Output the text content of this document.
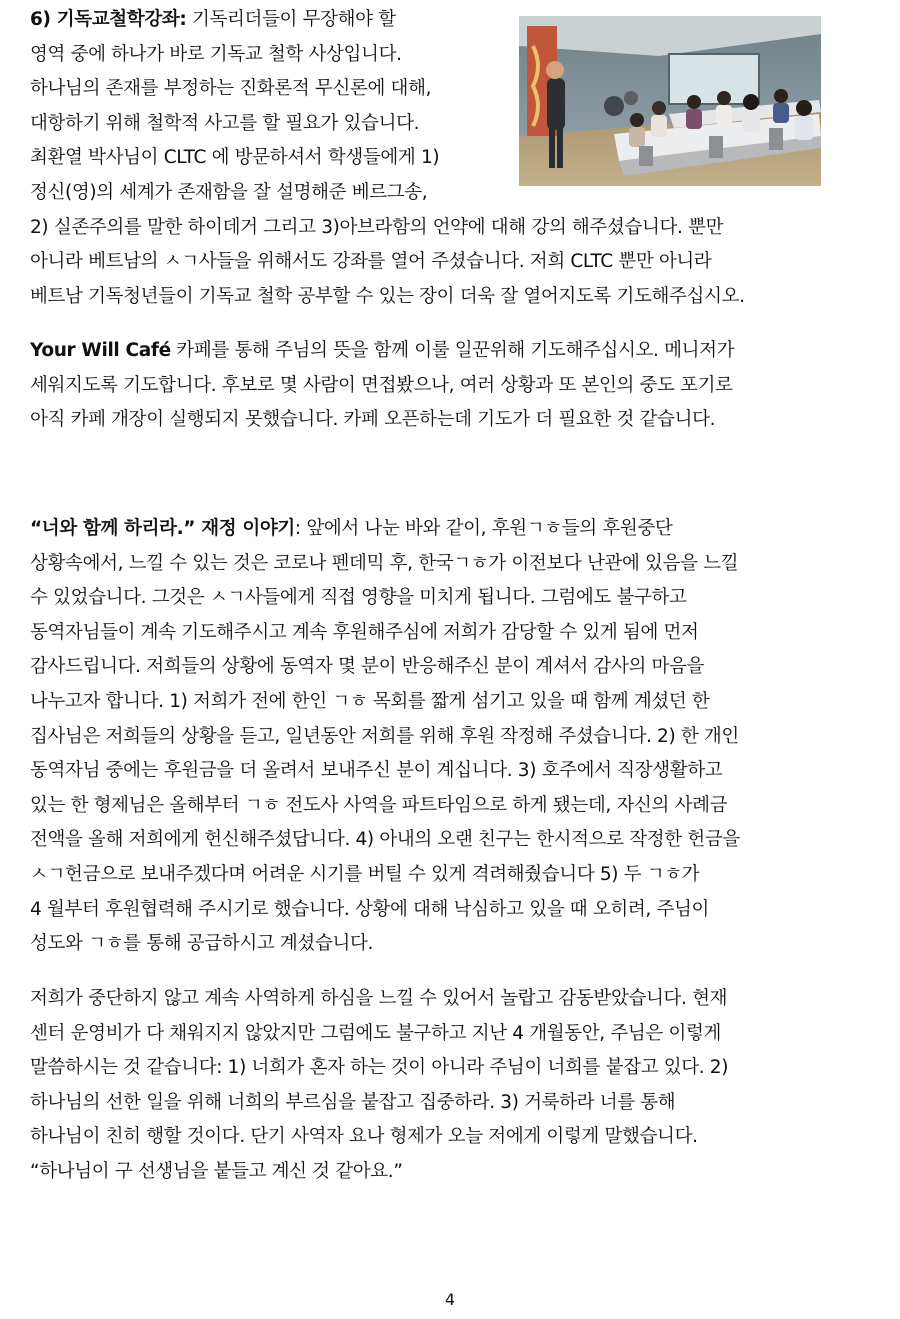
6) 기독교철학강좌: 기독리더들이 무장해야 할
영역 중에 하나가 바로 기독교 철학 사상입니다.
하나님의 존재를 부정하는 진화론적 무신론에 대해,
대항하기 위해 철학적 사고를 할 필요가 있습니다.
최환열 박사님이 CLTC 에 방문하셔서 학생들에게 1)
정신(영)의 세계가 존재함을 잘 설명해준 베르그송,
2) 실존주의를 말한 하이데거 그리고 3)아브라함의 언약에 대해 강의 해주셨습니다. 뿐만
아니라 베트남의 ㅅㄱ사들을 위해서도 강좌를 열어 주셨습니다. 저희 CLTC 뿐만 아니라
베트남 기독청년들이 기독교 철학 공부할 수 있는 장이 더욱 잘 열어지도록 기도해주십시오.

Your Will Café 카페를 통해 주님의 뜻을 함께 이룰 일꾼위해 기도해주십시오. 메니저가
세워지도록 기도합니다. 후보로 몇 사람이 면접봤으나, 여러 상황과 또 본인의 중도 포기로
아직 카페 개장이 실행되지 못했습니다. 카페 오픈하는데 기도가 더 필요한 것 같습니다.

“너와 함께 하리라.” 재정 이야기: 앞에서 나눈 바와 같이, 후원ㄱㅎ들의 후원중단
상황속에서, 느낄 수 있는 것은 코로나 펜데믹 후, 한국ㄱㅎ가 이전보다 난관에 있음을 느낄
수 있었습니다. 그것은 ㅅㄱ사들에게 직접 영향을 미치게 됩니다. 그럼에도 불구하고
동역자님들이 계속 기도해주시고 계속 후원해주심에 저희가 감당할 수 있게 됨에 먼저
감사드립니다. 저희들의 상황에 동역자 몇 분이 반응해주신 분이 계셔서 감사의 마음을
나누고자 합니다. 1) 저희가 전에 한인 ㄱㅎ 목회를 짧게 섬기고 있을 때 함께 계셨던 한
집사님은 저희들의 상황을 듣고, 일년동안 저희를 위해 후원 작정해 주셨습니다. 2) 한 개인
동역자님 중에는 후원금을 더 올려서 보내주신 분이 계십니다. 3) 호주에서 직장생활하고
있는 한 형제님은 올해부터 ㄱㅎ 전도사 사역을 파트타임으로 하게 됐는데, 자신의 사례금
전액을 올해 저희에게 헌신해주셨답니다. 4) 아내의 오랜 친구는 한시적으로 작정한 헌금을
ㅅㄱ헌금으로 보내주겠다며 어려운 시기를 버틸 수 있게 격려해줬습니다 5) 두 ㄱㅎ가
4 월부터 후원협력해 주시기로 했습니다. 상황에 대해 낙심하고 있을 때 오히려, 주님이
성도와 ㄱㅎ를 통해 공급하시고 계셨습니다.

저희가 중단하지 않고 계속 사역하게 하심을 느낄 수 있어서 놀랍고 감동받았습니다. 현재
센터 운영비가 다 채워지지 않았지만 그럼에도 불구하고 지난 4 개월동안, 주님은 이렇게
말씀하시는 것 같습니다: 1) 너희가 혼자 하는 것이 아니라 주님이 너희를 붙잡고 있다. 2)
하나님의 선한 일을 위해 너희의 부르심을 붙잡고 집중하라. 3) 거룩하라 너를 통해
하나님이 친히 행할 것이다. 단기 사역자 요나 형제가 오늘 저에게 이렇게 말했습니다.
“하나님이 구 선생님을 붙들고 계신 것 같아요.”

4
